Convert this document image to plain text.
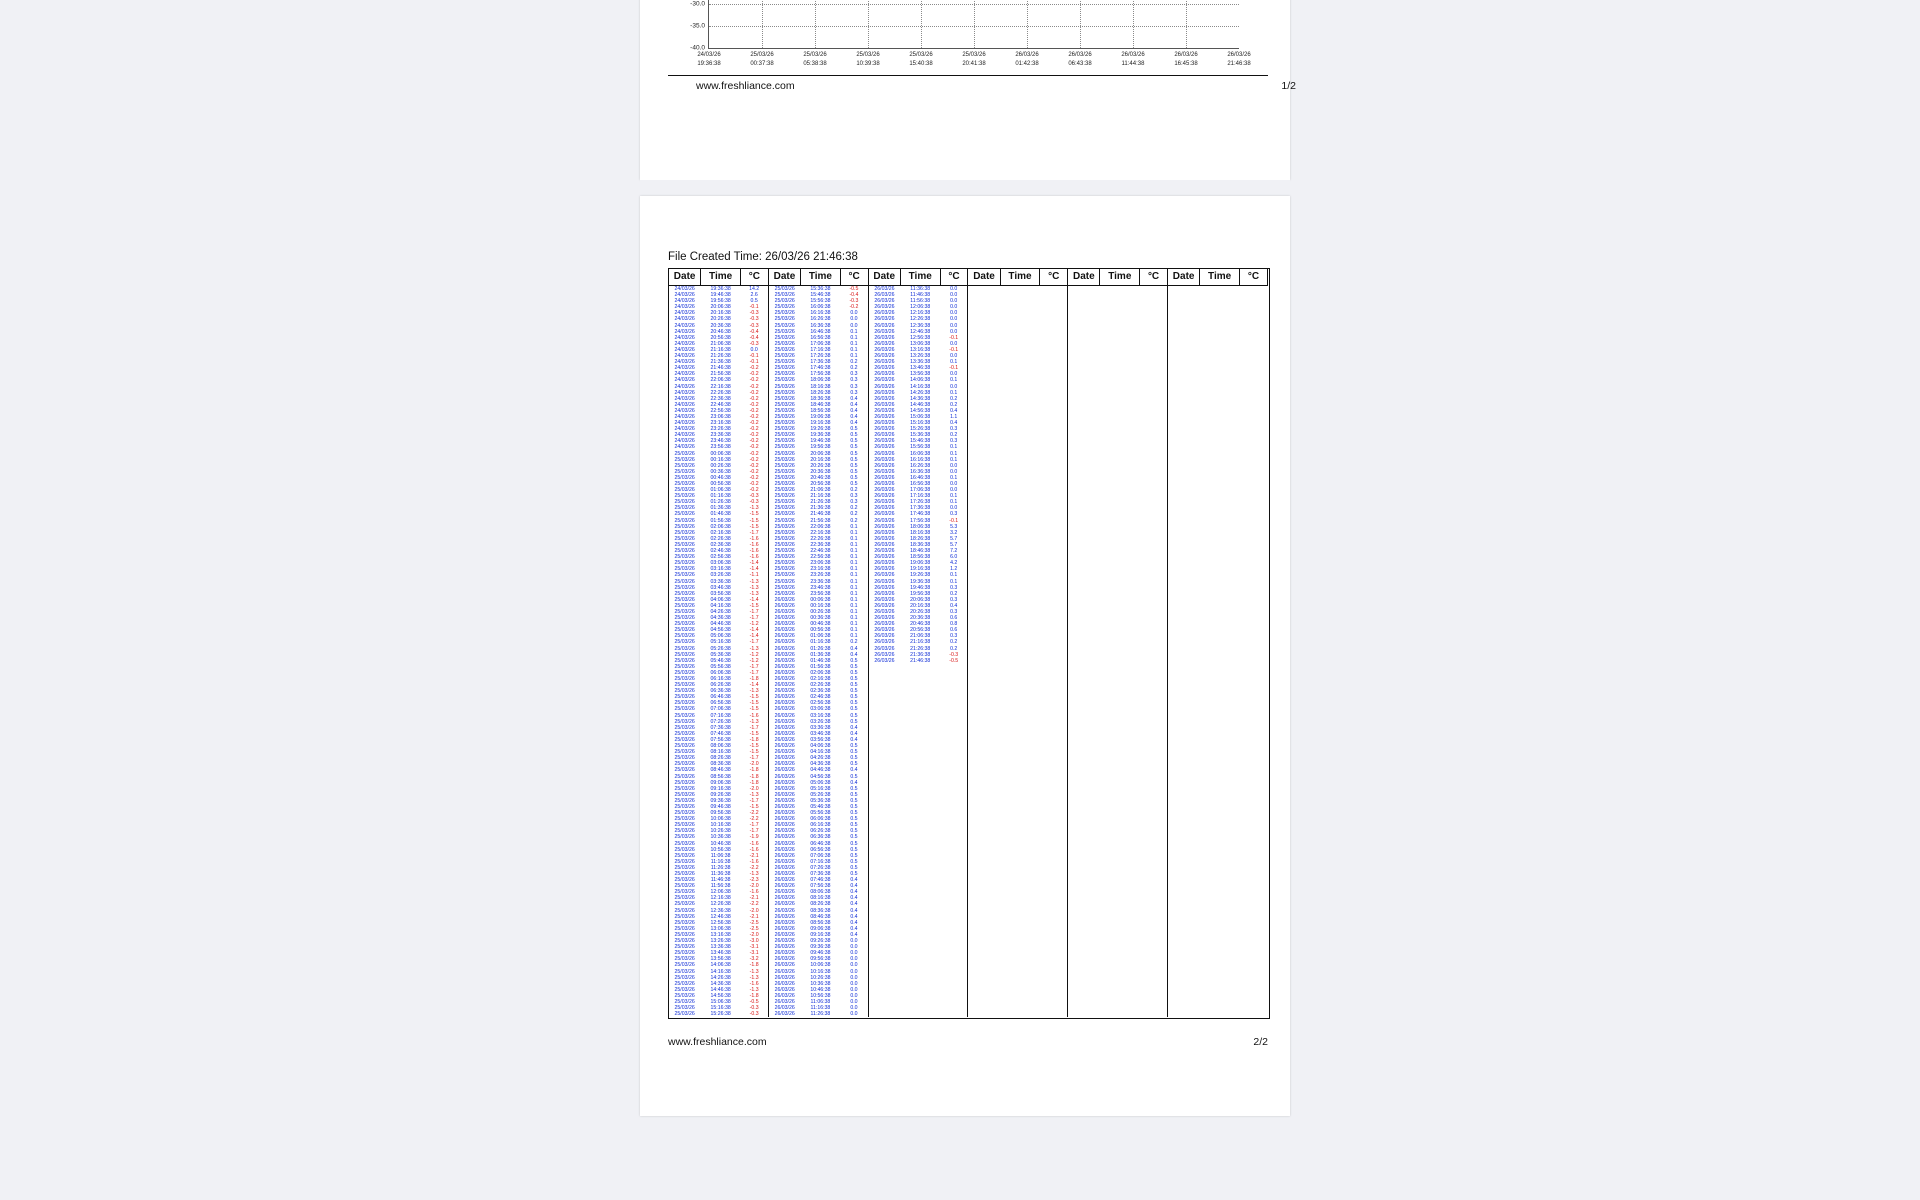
-30.0
-35.0
-40.0
24/03/26
19:36:38
25/03/26
00:37:38
25/03/26
05:38:38
25/03/26
10:39:38
25/03/26
15:40:38
25/03/26
20:41:38
26/03/26
01:42:38
26/03/26
06:43:38
26/03/26
11:44:38
26/03/26
16:45:38
26/03/26
21:46:38
www.freshliance.com	1/2
File Created Time: 26/03/26 21:46:38
Date	Time	°C	Date	Time	°C	Date	Time	°C	Date	Time	°C	Date	Time	°C	Date	Time	°C
24/03/26	19:36:38	14.2	25/03/26	15:36:38	-0.5	26/03/26	11:36:38	0.0									
24/03/26	19:46:38	2.6	25/03/26	15:46:38	-0.4	26/03/26	11:46:38	0.0									
24/03/26	19:56:38	0.5	25/03/26	15:56:38	-0.3	26/03/26	11:56:38	0.0									
24/03/26	20:06:38	-0.1	25/03/26	16:06:38	-0.2	26/03/26	12:06:38	0.0									
24/03/26	20:16:38	-0.3	25/03/26	16:16:38	0.0	26/03/26	12:16:38	0.0									
24/03/26	20:26:38	-0.3	25/03/26	16:26:38	0.0	26/03/26	12:26:38	0.0									
24/03/26	20:36:38	-0.3	25/03/26	16:36:38	0.0	26/03/26	12:36:38	0.0									
24/03/26	20:46:38	-0.4	25/03/26	16:46:38	0.1	26/03/26	12:46:38	0.0									
24/03/26	20:56:38	-0.4	25/03/26	16:56:38	0.1	26/03/26	12:56:38	-0.1									
24/03/26	21:06:38	-0.3	25/03/26	17:06:38	0.1	26/03/26	13:06:38	0.0									
24/03/26	21:16:38	0.0	25/03/26	17:16:38	0.1	26/03/26	13:16:38	-0.1									
24/03/26	21:26:38	-0.1	25/03/26	17:26:38	0.1	26/03/26	13:26:38	0.0									
24/03/26	21:36:38	-0.1	25/03/26	17:36:38	0.2	26/03/26	13:36:38	0.1									
24/03/26	21:46:38	-0.2	25/03/26	17:46:38	0.2	26/03/26	13:46:38	-0.1									
24/03/26	21:56:38	-0.2	25/03/26	17:56:38	0.3	26/03/26	13:56:38	0.0									
24/03/26	22:06:38	-0.2	25/03/26	18:06:38	0.3	26/03/26	14:06:38	0.1									
24/03/26	22:16:38	-0.2	25/03/26	18:16:38	0.3	26/03/26	14:16:38	0.0									
24/03/26	22:26:38	-0.2	25/03/26	18:26:38	0.3	26/03/26	14:26:38	0.1									
24/03/26	22:36:38	-0.2	25/03/26	18:36:38	0.4	26/03/26	14:36:38	0.2									
24/03/26	22:46:38	-0.2	25/03/26	18:46:38	0.4	26/03/26	14:46:38	0.2									
24/03/26	22:56:38	-0.2	25/03/26	18:56:38	0.4	26/03/26	14:56:38	0.4									
24/03/26	23:06:38	-0.2	25/03/26	19:06:38	0.4	26/03/26	15:06:38	1.1									
24/03/26	23:16:38	-0.2	25/03/26	19:16:38	0.4	26/03/26	15:16:38	0.4									
24/03/26	23:26:38	-0.2	25/03/26	19:26:38	0.5	26/03/26	15:26:38	0.3									
24/03/26	23:36:38	-0.2	25/03/26	19:36:38	0.5	26/03/26	15:36:38	0.2									
24/03/26	23:46:38	-0.2	25/03/26	19:46:38	0.5	26/03/26	15:46:38	0.3									
24/03/26	23:56:38	-0.2	25/03/26	19:56:38	0.5	26/03/26	15:56:38	0.1									
25/03/26	00:06:38	-0.2	25/03/26	20:06:38	0.5	26/03/26	16:06:38	0.1									
25/03/26	00:16:38	-0.2	25/03/26	20:16:38	0.5	26/03/26	16:16:38	0.1									
25/03/26	00:26:38	-0.2	25/03/26	20:26:38	0.5	26/03/26	16:26:38	0.0									
25/03/26	00:36:38	-0.2	25/03/26	20:36:38	0.5	26/03/26	16:36:38	0.0									
25/03/26	00:46:38	-0.2	25/03/26	20:46:38	0.5	26/03/26	16:46:38	0.1									
25/03/26	00:56:38	-0.2	25/03/26	20:56:38	0.5	26/03/26	16:56:38	0.0									
25/03/26	01:06:38	-0.2	25/03/26	21:06:38	0.2	26/03/26	17:06:38	0.0									
25/03/26	01:16:38	-0.3	25/03/26	21:16:38	0.3	26/03/26	17:16:38	0.1									
25/03/26	01:26:38	-0.3	25/03/26	21:26:38	0.3	26/03/26	17:26:38	0.1									
25/03/26	01:36:38	-1.3	25/03/26	21:36:38	0.2	26/03/26	17:36:38	0.0									
25/03/26	01:46:38	-1.5	25/03/26	21:46:38	0.2	26/03/26	17:46:38	0.3									
25/03/26	01:56:38	-1.5	25/03/26	21:56:38	0.2	26/03/26	17:56:38	-0.1									
25/03/26	02:06:38	-1.5	25/03/26	22:06:38	0.1	26/03/26	18:06:38	5.3									
25/03/26	02:16:38	-1.7	25/03/26	22:16:38	0.1	26/03/26	18:16:38	3.2									
25/03/26	02:26:38	-1.6	25/03/26	22:26:38	0.1	26/03/26	18:26:38	5.7									
25/03/26	02:36:38	-1.6	25/03/26	22:36:38	0.1	26/03/26	18:36:38	5.7									
25/03/26	02:46:38	-1.6	25/03/26	22:46:38	0.1	26/03/26	18:46:38	7.2									
25/03/26	02:56:38	-1.6	25/03/26	22:56:38	0.1	26/03/26	18:56:38	6.0									
25/03/26	03:06:38	-1.4	25/03/26	23:06:38	0.1	26/03/26	19:06:38	4.2									
25/03/26	03:16:38	-1.4	25/03/26	23:16:38	0.1	26/03/26	19:16:38	1.2									
25/03/26	03:26:38	-1.1	25/03/26	23:26:38	0.1	26/03/26	19:26:38	0.1									
25/03/26	03:36:38	-1.3	25/03/26	23:36:38	0.1	26/03/26	19:36:38	0.1									
25/03/26	03:46:38	-1.3	25/03/26	23:46:38	0.1	26/03/26	19:46:38	0.3									
25/03/26	03:56:38	-1.3	25/03/26	23:56:38	0.1	26/03/26	19:56:38	0.2									
25/03/26	04:06:38	-1.4	26/03/26	00:06:38	0.1	26/03/26	20:06:38	0.3									
25/03/26	04:16:38	-1.5	26/03/26	00:16:38	0.1	26/03/26	20:16:38	0.4									
25/03/26	04:26:38	-1.7	26/03/26	00:26:38	0.1	26/03/26	20:26:38	0.3									
25/03/26	04:36:38	-1.7	26/03/26	00:36:38	0.1	26/03/26	20:36:38	0.6									
25/03/26	04:46:38	-1.2	26/03/26	00:46:38	0.1	26/03/26	20:46:38	0.8									
25/03/26	04:56:38	-1.4	26/03/26	00:56:38	0.1	26/03/26	20:56:38	0.6									
25/03/26	05:06:38	-1.4	26/03/26	01:06:38	0.1	26/03/26	21:06:38	0.3									
25/03/26	05:16:38	-1.7	26/03/26	01:16:38	0.2	26/03/26	21:16:38	0.2									
25/03/26	05:26:38	-1.3	26/03/26	01:26:38	0.4	26/03/26	21:26:38	0.2									
25/03/26	05:36:38	-1.2	26/03/26	01:36:38	0.4	26/03/26	21:36:38	-0.3									
25/03/26	05:46:38	-1.2	26/03/26	01:46:38	0.5	26/03/26	21:46:38	-0.5									
25/03/26	05:56:38	-1.7	26/03/26	01:56:38	0.5												
25/03/26	06:06:38	-1.7	26/03/26	02:06:38	0.5												
25/03/26	06:16:38	-1.8	26/03/26	02:16:38	0.5												
25/03/26	06:26:38	-1.4	26/03/26	02:26:38	0.5												
25/03/26	06:36:38	-1.3	26/03/26	02:36:38	0.5												
25/03/26	06:46:38	-1.5	26/03/26	02:46:38	0.5												
25/03/26	06:56:38	-1.5	26/03/26	02:56:38	0.5												
25/03/26	07:06:38	-1.5	26/03/26	03:06:38	0.5												
25/03/26	07:16:38	-1.6	26/03/26	03:16:38	0.5												
25/03/26	07:26:38	-1.3	26/03/26	03:26:38	0.5												
25/03/26	07:36:38	-1.7	26/03/26	03:36:38	0.4												
25/03/26	07:46:38	-1.5	26/03/26	03:46:38	0.4												
25/03/26	07:56:38	-1.8	26/03/26	03:56:38	0.4												
25/03/26	08:06:38	-1.5	26/03/26	04:06:38	0.5												
25/03/26	08:16:38	-1.5	26/03/26	04:16:38	0.5												
25/03/26	08:26:38	-1.7	26/03/26	04:26:38	0.5												
25/03/26	08:36:38	-2.0	26/03/26	04:36:38	0.5												
25/03/26	08:46:38	-1.8	26/03/26	04:46:38	0.4												
25/03/26	08:56:38	-1.8	26/03/26	04:56:38	0.5												
25/03/26	09:06:38	-1.8	26/03/26	05:06:38	0.4												
25/03/26	09:16:38	-2.0	26/03/26	05:16:38	0.5												
25/03/26	09:26:38	-1.3	26/03/26	05:26:38	0.5												
25/03/26	09:36:38	-1.7	26/03/26	05:36:38	0.5												
25/03/26	09:46:38	-1.5	26/03/26	05:46:38	0.5												
25/03/26	09:56:38	-2.2	26/03/26	05:56:38	0.5												
25/03/26	10:06:38	-2.2	26/03/26	06:06:38	0.5												
25/03/26	10:16:38	-1.7	26/03/26	06:16:38	0.5												
25/03/26	10:26:38	-1.7	26/03/26	06:26:38	0.5												
25/03/26	10:36:38	-1.9	26/03/26	06:36:38	0.5												
25/03/26	10:46:38	-1.6	26/03/26	06:46:38	0.5												
25/03/26	10:56:38	-1.6	26/03/26	06:56:38	0.5												
25/03/26	11:06:38	-2.1	26/03/26	07:06:38	0.5												
25/03/26	11:16:38	-1.6	26/03/26	07:16:38	0.5												
25/03/26	11:26:38	-2.2	26/03/26	07:26:38	0.5												
25/03/26	11:36:38	-1.3	26/03/26	07:36:38	0.5												
25/03/26	11:46:38	-2.3	26/03/26	07:46:38	0.4												
25/03/26	11:56:38	-2.0	26/03/26	07:56:38	0.4												
25/03/26	12:06:38	-1.6	26/03/26	08:06:38	0.4												
25/03/26	12:16:38	-2.1	26/03/26	08:16:38	0.4												
25/03/26	12:26:38	-2.2	26/03/26	08:26:38	0.4												
25/03/26	12:36:38	-2.0	26/03/26	08:36:38	0.4												
25/03/26	12:46:38	-2.1	26/03/26	08:46:38	0.4												
25/03/26	12:56:38	-2.5	26/03/26	08:56:38	0.4												
25/03/26	13:06:38	-2.5	26/03/26	09:06:38	0.4												
25/03/26	13:16:38	-2.0	26/03/26	09:16:38	0.4												
25/03/26	13:26:38	-3.0	26/03/26	09:26:38	0.0												
25/03/26	13:36:38	-3.1	26/03/26	09:36:38	0.0												
25/03/26	13:46:38	-3.1	26/03/26	09:46:38	0.0												
25/03/26	13:56:38	-3.2	26/03/26	09:56:38	0.0												
25/03/26	14:06:38	-1.8	26/03/26	10:06:38	0.0												
25/03/26	14:16:38	-1.3	26/03/26	10:16:38	0.0												
25/03/26	14:26:38	-1.3	26/03/26	10:26:38	0.0												
25/03/26	14:36:38	-1.6	26/03/26	10:36:38	0.0												
25/03/26	14:46:38	-1.3	26/03/26	10:46:38	0.0												
25/03/26	14:56:38	-1.8	26/03/26	10:56:38	0.0												
25/03/26	15:06:38	-0.5	26/03/26	11:06:38	0.0												
25/03/26	15:16:38	-0.3	26/03/26	11:16:38	0.0												
25/03/26	15:26:38	-0.3	26/03/26	11:26:38	0.0												
www.freshliance.com	2/2
